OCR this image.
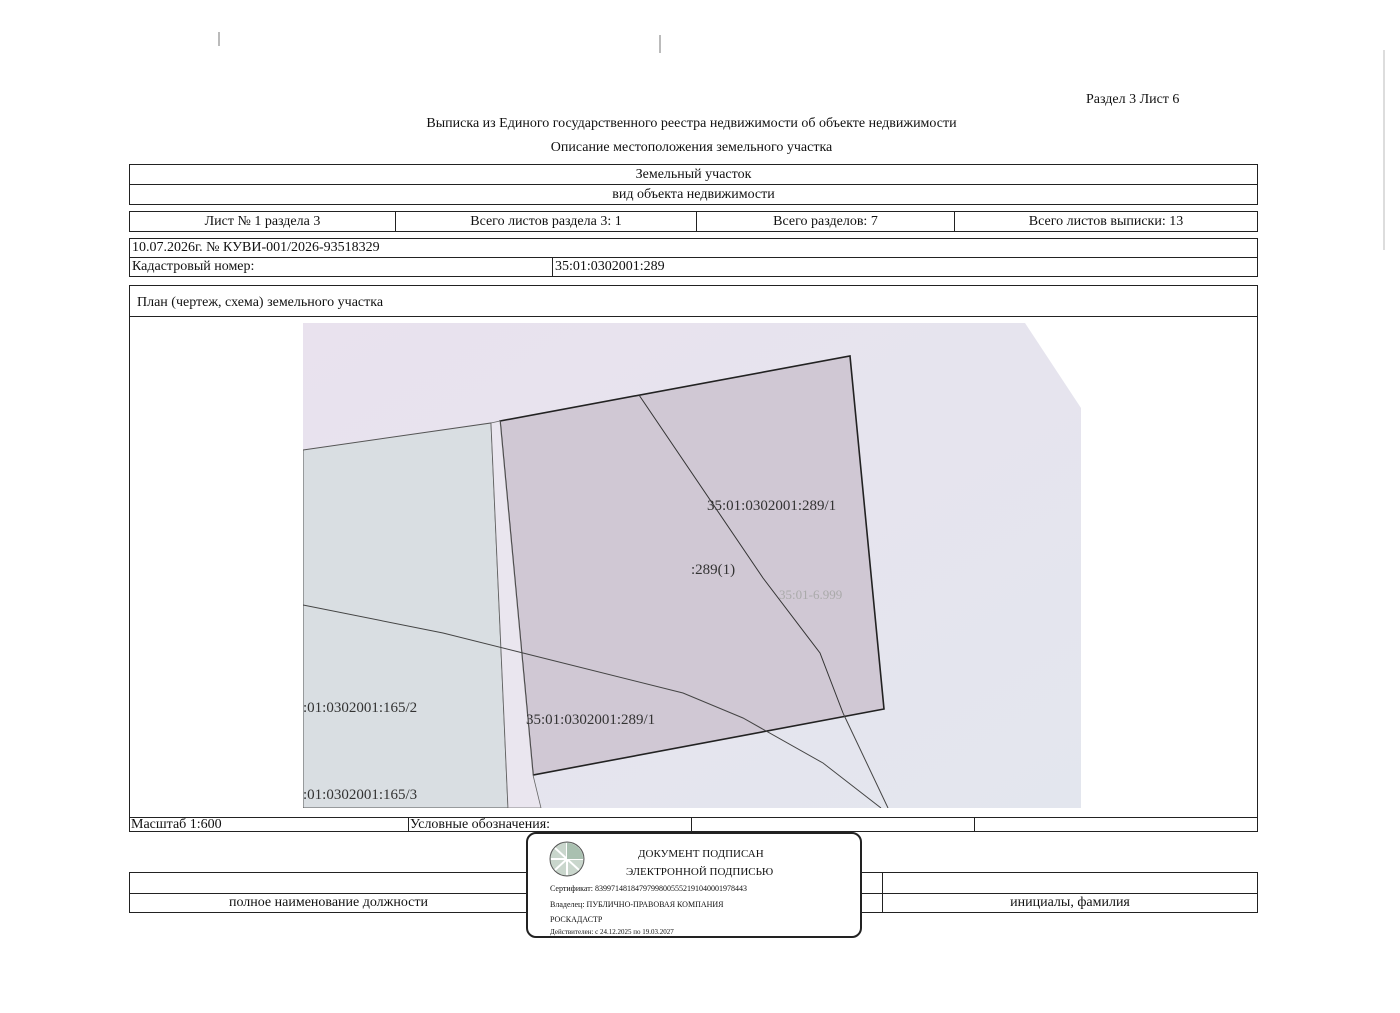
Раздел 3 Лист 6
Выписка из Единого государственного реестра недвижимости об объекте недвижимости
Описание местоположения земельного участка
Земельный участок
вид объекта недвижимости
Лист № 1 раздела 3	Всего листов раздела 3: 1	Всего разделов: 7	Всего листов выписки: 13
10.07.2026г. № КУВИ-001/2026-93518329
Кадастровый номер:	35:01:0302001:289
План (чертеж, схема) земельного участка
35:01:0302001:289/1
:289(1)
35:01-6.999
:01:0302001:165/2
35:01:0302001:289/1
:01:0302001:165/3
Масштаб 1:600	Условные обозначения:
полное наименование должности	инициалы, фамилия
ДОКУМЕНТ ПОДПИСАН
ЭЛЕКТРОННОЙ ПОДПИСЬЮ
Сертификат: 8399714818479799800555219104000197844З
Владелец: ПУБЛИЧНО-ПРАВОВАЯ КОМПАНИЯ
РОСКАДАСТР
Действителен: с 24.12.2025 по 19.03.2027
